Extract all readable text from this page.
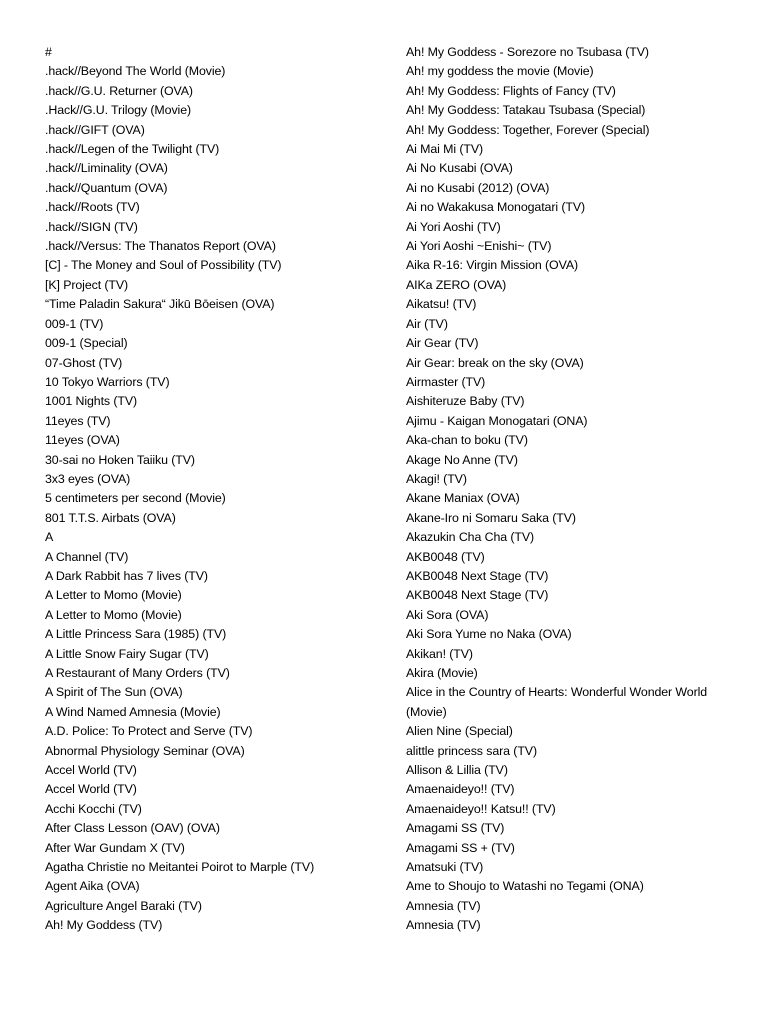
#
.hack//Beyond The World (Movie)
.hack//G.U. Returner (OVA)
.Hack//G.U. Trilogy (Movie)
.hack//GIFT (OVA)
.hack//Legen of the Twilight (TV)
.hack//Liminality (OVA)
.hack//Quantum (OVA)
.hack//Roots (TV)
.hack//SIGN (TV)
.hack//Versus: The Thanatos Report (OVA)
[C] - The Money and Soul of Possibility (TV)
[K] Project (TV)
“Time Paladin Sakura“ Jikū Bōeisen (OVA)
009-1 (TV)
009-1 (Special)
07-Ghost (TV)
10 Tokyo Warriors (TV)
1001 Nights (TV)
11eyes (TV)
11eyes (OVA)
30-sai no Hoken Taiiku (TV)
3x3 eyes (OVA)
5 centimeters per second (Movie)
801 T.T.S. Airbats (OVA)
A
A Channel (TV)
A Dark Rabbit has 7 lives (TV)
A Letter to Momo (Movie)
A Letter to Momo (Movie)
A Little Princess Sara (1985) (TV)
A Little Snow Fairy Sugar (TV)
A Restaurant of Many Orders (TV)
A Spirit of The Sun (OVA)
A Wind Named Amnesia (Movie)
A.D. Police: To Protect and Serve (TV)
Abnormal Physiology Seminar (OVA)
Accel World (TV)
Accel World (TV)
Acchi Kocchi (TV)
After Class Lesson (OAV) (OVA)
After War Gundam X (TV)
Agatha Christie no Meitantei Poirot to Marple (TV)
Agent Aika (OVA)
Agriculture Angel Baraki (TV)
Ah! My Goddess (TV)
Ah! My Goddess - Sorezore no Tsubasa (TV)
Ah! my goddess the movie (Movie)
Ah! My Goddess: Flights of Fancy (TV)
Ah! My Goddess: Tatakau Tsubasa (Special)
Ah! My Goddess: Together, Forever (Special)
Ai Mai Mi (TV)
Ai No Kusabi (OVA)
Ai no Kusabi (2012) (OVA)
Ai no Wakakusa Monogatari (TV)
Ai Yori Aoshi (TV)
Ai Yori Aoshi ~Enishi~ (TV)
Aika R-16: Virgin Mission (OVA)
AIKa ZERO (OVA)
Aikatsu! (TV)
Air (TV)
Air Gear (TV)
Air Gear: break on the sky (OVA)
Airmaster (TV)
Aishiteruze Baby (TV)
Ajimu - Kaigan Monogatari (ONA)
Aka-chan to boku (TV)
Akage No Anne (TV)
Akagi! (TV)
Akane Maniax (OVA)
Akane-Iro ni Somaru Saka (TV)
Akazukin Cha Cha (TV)
AKB0048 (TV)
AKB0048 Next Stage (TV)
AKB0048 Next Stage (TV)
Aki Sora (OVA)
Aki Sora Yume no Naka (OVA)
Akikan! (TV)
Akira (Movie)
Alice in the Country of Hearts: Wonderful Wonder World (Movie)
Alien Nine (Special)
alittle princess sara (TV)
Allison & Lillia (TV)
Amaenaideyo!! (TV)
Amaenaideyo!! Katsu!! (TV)
Amagami SS (TV)
Amagami SS + (TV)
Amatsuki (TV)
Ame to Shoujo to Watashi no Tegami (ONA)
Amnesia (TV)
Amnesia (TV)
